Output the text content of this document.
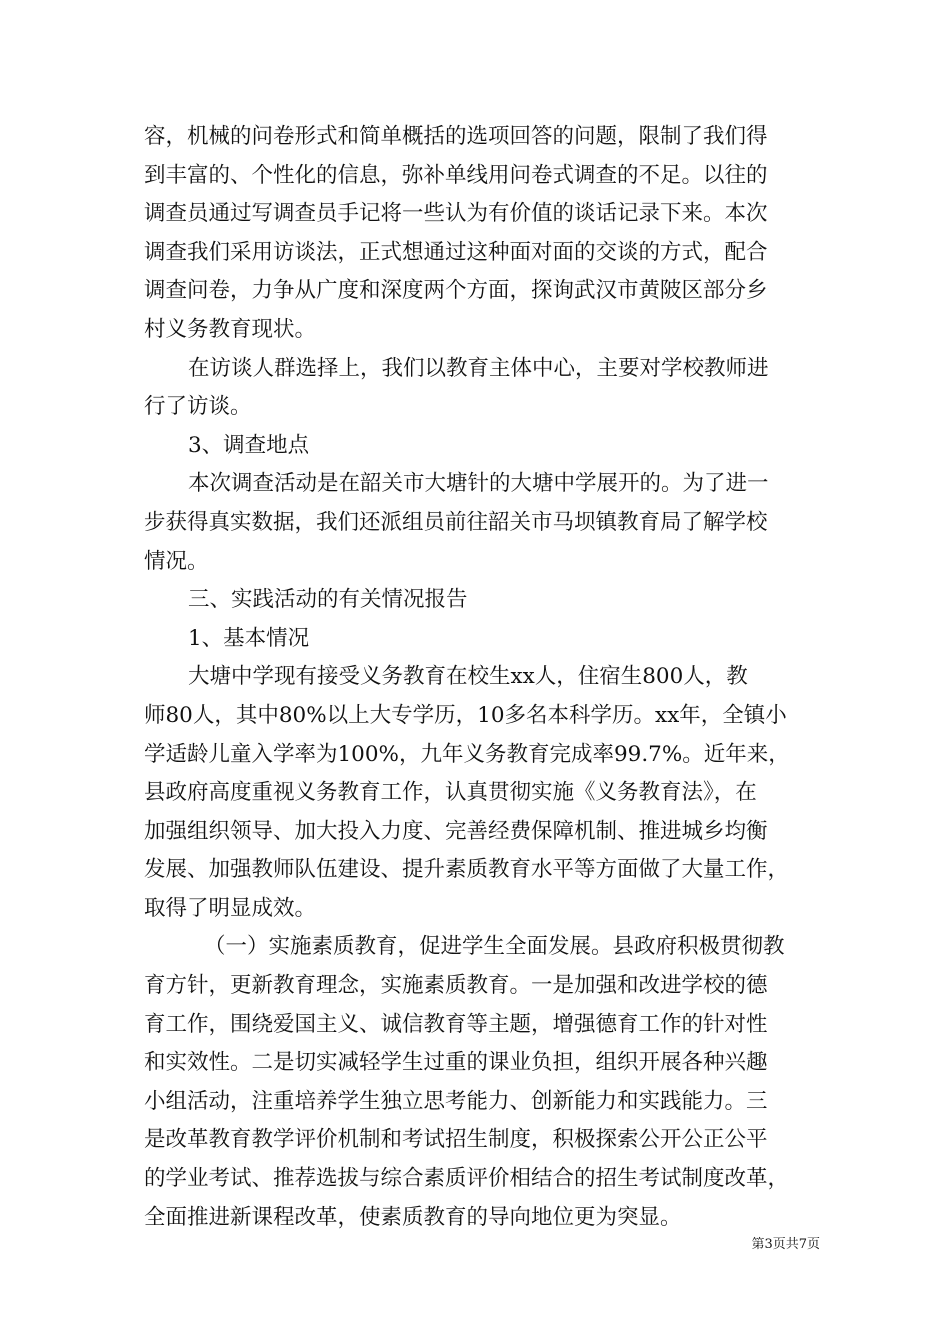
容，机械的问卷形式和简单概括的选项回答的问题，限制了我们得
到丰富的、个性化的信息，弥补单线用问卷式调查的不足。以往的
调查员通过写调查员手记将一些认为有价值的谈话记录下来。本次
调查我们采用访谈法，正式想通过这种面对面的交谈的方式，配合
调查问卷，力争从广度和深度两个方面，探询武汉市黄陂区部分乡
村义务教育现状。
在访谈人群选择上，我们以教育主体中心，主要对学校教师进
行了访谈。
3、调查地点
本次调查活动是在韶关市大塘针的大塘中学展开的。为了进一
步获得真实数据，我们还派组员前往韶关市马坝镇教育局了解学校
情况。
三、实践活动的有关情况报告
1、基本情况
大塘中学现有接受义务教育在校生xx人，住宿生800人，教
师80人，其中80%以上大专学历，10多名本科学历。xx年，全镇小
学适龄儿童入学率为100%，九年义务教育完成率99.7%。近年来，
县政府高度重视义务教育工作，认真贯彻实施《义务教育法》，在
加强组织领导、加大投入力度、完善经费保障机制、推进城乡均衡
发展、加强教师队伍建设、提升素质教育水平等方面做了大量工作，
取得了明显成效。
（一）实施素质教育，促进学生全面发展。县政府积极贯彻教
育方针，更新教育理念，实施素质教育。一是加强和改进学校的德
育工作，围绕爱国主义、诚信教育等主题，增强德育工作的针对性
和实效性。二是切实减轻学生过重的课业负担，组织开展各种兴趣
小组活动，注重培养学生独立思考能力、创新能力和实践能力。三
是改革教育教学评价机制和考试招生制度，积极探索公开公正公平
的学业考试、推荐选拔与综合素质评价相结合的招生考试制度改革，
全面推进新课程改革，使素质教育的导向地位更为突显。
第3页共7页
